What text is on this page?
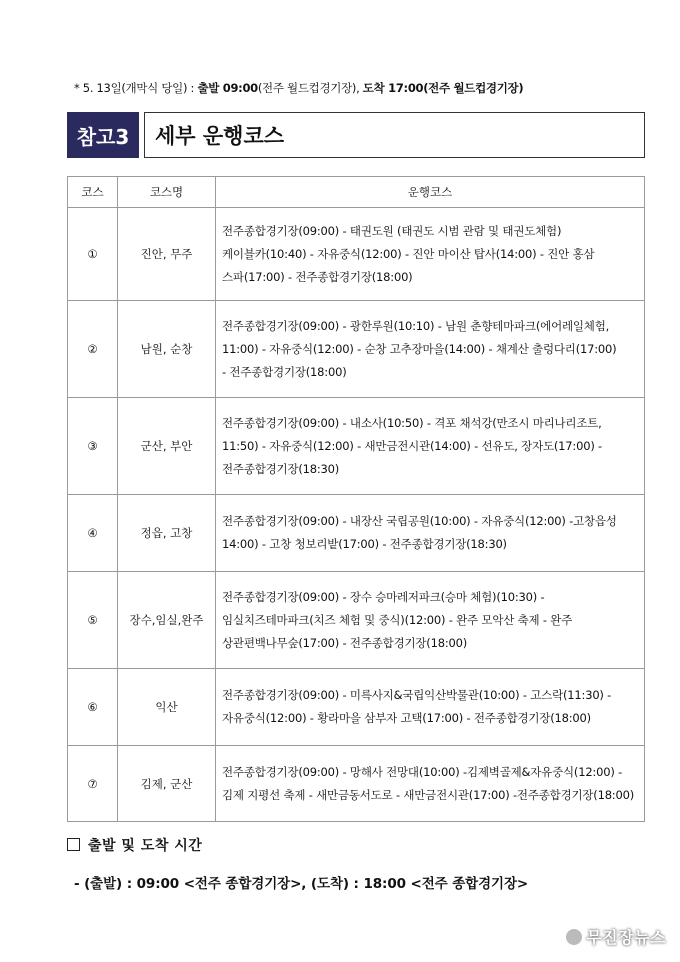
* 5. 13일(개막식 당일) : 출발 09:00(전주 월드컵경기장), 도착 17:00(전주 월드컵경기장)
참고3	세부 운행코스
코스	코스명	운행코스
①	진안, 무주	전주종합경기장(09:00) - 태권도원 (태권도 시범 관람 및 태권도체험)
케이블카(10:40) - 자유중식(12:00) - 진안 마이산 탑사(14:00) - 진안 홍삼
스파(17:00) - 전주종합경기장(18:00)

②	남원, 순창	전주종합경기장(09:00) - 광한루원(10:10) - 남원 춘향테마파크(에어레일체험,
11:00) - 자유중식(12:00) - 순창 고추장마을(14:00) - 채계산 출렁다리(17:00)
- 전주종합경기장(18:00)

③	군산, 부안	전주종합경기장(09:00) - 내소사(10:50) - 격포 채석강(만조시 마리나리조트,
11:50) - 자유중식(12:00) - 새만금전시관(14:00) - 선유도, 장자도(17:00) -
전주종합경기장(18:30)

④	정읍, 고창	전주종합경기장(09:00) - 내장산 국립공원(10:00) - 자유중식(12:00) -고창읍성
14:00) - 고창 청보리밭(17:00) - 전주종합경기장(18:30)

⑤	장수,임실,완주	전주종합경기장(09:00) - 장수 승마레저파크(승마 체험)(10:30) -
임실치즈테마파크(치즈 체험 및 중식)(12:00) - 완주 모악산 축제 - 완주
상관편백나무숲(17:00) - 전주종합경기장(18:00)

⑥	익산	전주종합경기장(09:00) - 미륵사지&국립익산박물관(10:00) - 고스락(11:30) -
자유중식(12:00) - 황라마을 삼부자 고택(17:00) - 전주종합경기장(18:00)

⑦	김제, 군산	전주종합경기장(09:00) - 망해사 전망대(10:00) -김제벽골제&자유중식(12:00) -
김제 지평선 축제 - 새만금동서도로 - 새만금전시관(17:00) -전주종합경기장(18:00)
출발 및 도착 시간
- (출발) : 09:00 <전주 종합경기장>, (도착) : 18:00 <전주 종합경기장>
무진장뉴스
